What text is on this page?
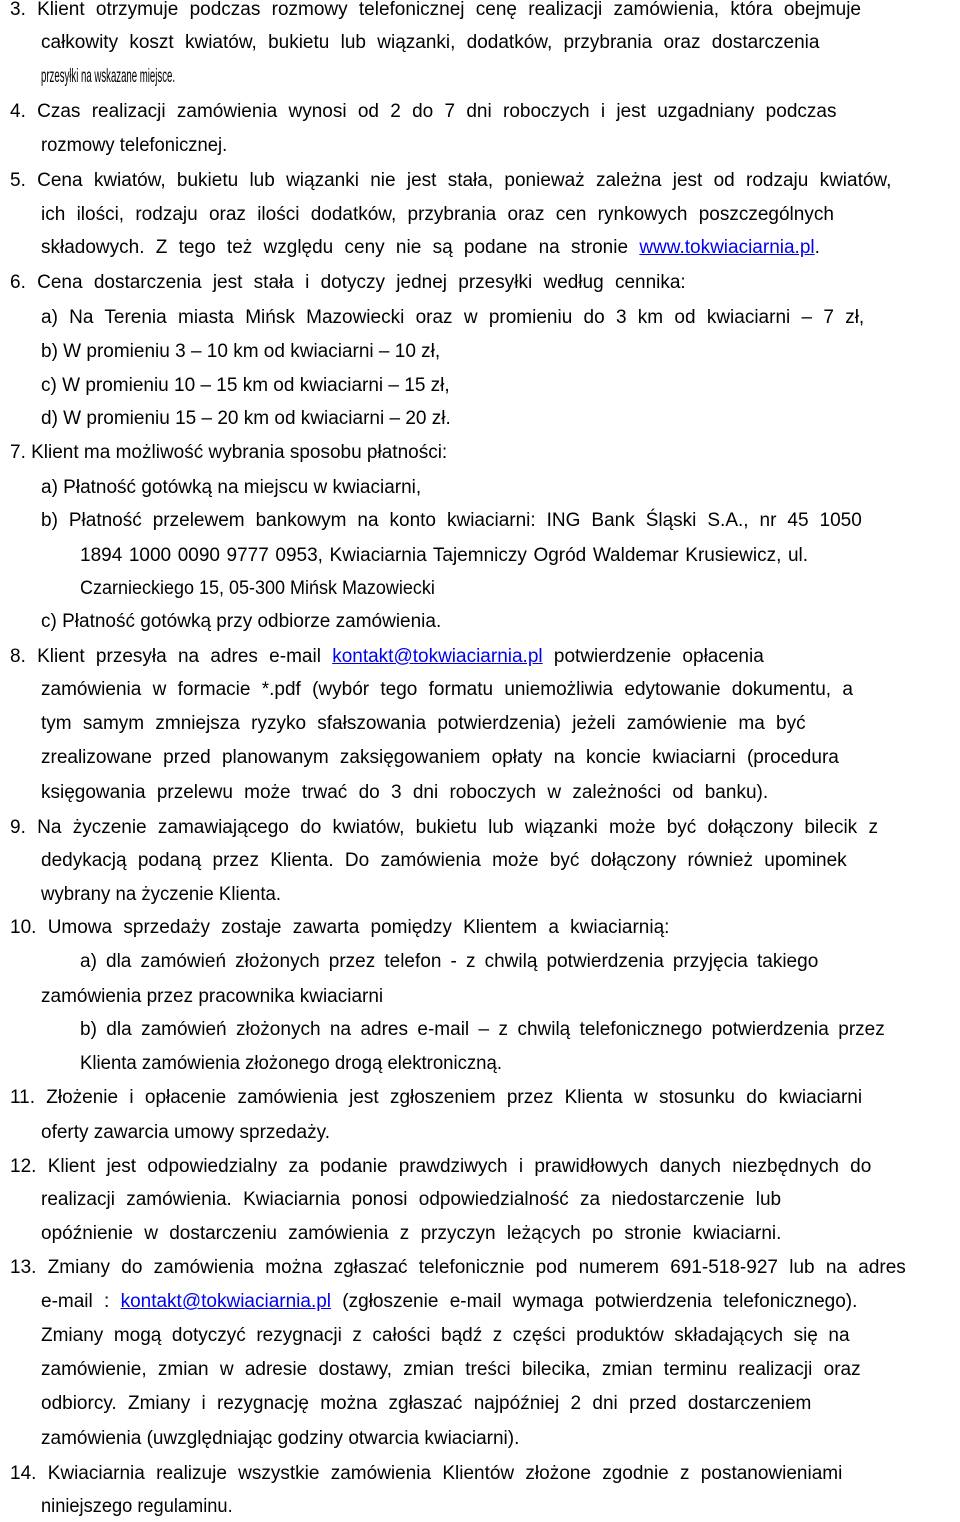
3. Klient otrzymuje podczas rozmowy telefonicznej cenę realizacji zamówienia, która obejmuje
całkowity koszt kwiatów, bukietu lub wiązanki, dodatków, przybrania oraz dostarczenia
przesyłki na wskazane miejsce.
4. Czas realizacji zamówienia wynosi od 2 do 7 dni roboczych i jest uzgadniany podczas
rozmowy telefonicznej.
5. Cena kwiatów, bukietu lub wiązanki nie jest stała, ponieważ zależna jest od rodzaju kwiatów,
ich ilości, rodzaju oraz ilości dodatków, przybrania oraz cen rynkowych poszczególnych
składowych. Z tego też względu ceny nie są podane na stronie www.tokwiaciarnia.pl.
6. Cena dostarczenia jest stała i dotyczy jednej przesyłki według cennika:
a) Na Terenia miasta Mińsk Mazowiecki oraz w promieniu do 3 km od kwiaciarni – 7 zł,
b) W promieniu 3 – 10 km od kwiaciarni – 10 zł,
c) W promieniu 10 – 15 km od kwiaciarni – 15 zł,
d) W promieniu 15 – 20 km od kwiaciarni – 20 zł.
7. Klient ma możliwość wybrania sposobu płatności:
a) Płatność gotówką na miejscu w kwiaciarni,
b) Płatność przelewem bankowym na konto kwiaciarni: ING Bank Śląski S.A., nr 45 1050
1894 1000 0090 9777 0953, Kwiaciarnia Tajemniczy Ogród Waldemar Krusiewicz, ul.
Czarnieckiego 15, 05-300 Mińsk Mazowiecki
c) Płatność gotówką przy odbiorze zamówienia.
8. Klient przesyła na adres e-mail kontakt@tokwiaciarnia.pl potwierdzenie opłacenia
zamówienia w formacie *.pdf (wybór tego formatu uniemożliwia edytowanie dokumentu, a
tym samym zmniejsza ryzyko sfałszowania potwierdzenia) jeżeli zamówienie ma być
zrealizowane przed planowanym zaksięgowaniem opłaty na koncie kwiaciarni (procedura
księgowania przelewu może trwać do 3 dni roboczych w zależności od banku).
9. Na życzenie zamawiającego do kwiatów, bukietu lub wiązanki może być dołączony bilecik z
dedykacją podaną przez Klienta. Do zamówienia może być dołączony również upominek
wybrany na życzenie Klienta.
10. Umowa sprzedaży zostaje zawarta pomiędzy Klientem a kwiaciarnią:
a) dla zamówień złożonych przez telefon - z chwilą potwierdzenia przyjęcia takiego
zamówienia przez pracownika kwiaciarni
b) dla zamówień złożonych na adres e-mail – z chwilą telefonicznego potwierdzenia przez
Klienta zamówienia złożonego drogą elektroniczną.
11. Złożenie i opłacenie zamówienia jest zgłoszeniem przez Klienta w stosunku do kwiaciarni
oferty zawarcia umowy sprzedaży.
12. Klient jest odpowiedzialny za podanie prawdziwych i prawidłowych danych niezbędnych do
realizacji zamówienia. Kwiaciarnia ponosi odpowiedzialność za niedostarczenie lub
opóźnienie w dostarczeniu zamówienia z przyczyn leżących po stronie kwiaciarni.
13. Zmiany do zamówienia można zgłaszać telefonicznie pod numerem 691-518-927 lub na adres
e-mail : kontakt@tokwiaciarnia.pl (zgłoszenie e-mail wymaga potwierdzenia telefonicznego).
Zmiany mogą dotyczyć rezygnacji z całości bądź z części produktów składających się na
zamówienie, zmian w adresie dostawy, zmian treści bilecika, zmian terminu realizacji oraz
odbiorcy. Zmiany i rezygnację można zgłaszać najpóźniej 2 dni przed dostarczeniem
zamówienia (uwzględniając godziny otwarcia kwiaciarni).
14. Kwiaciarnia realizuje wszystkie zamówienia Klientów złożone zgodnie z postanowieniami
niniejszego regulaminu.
